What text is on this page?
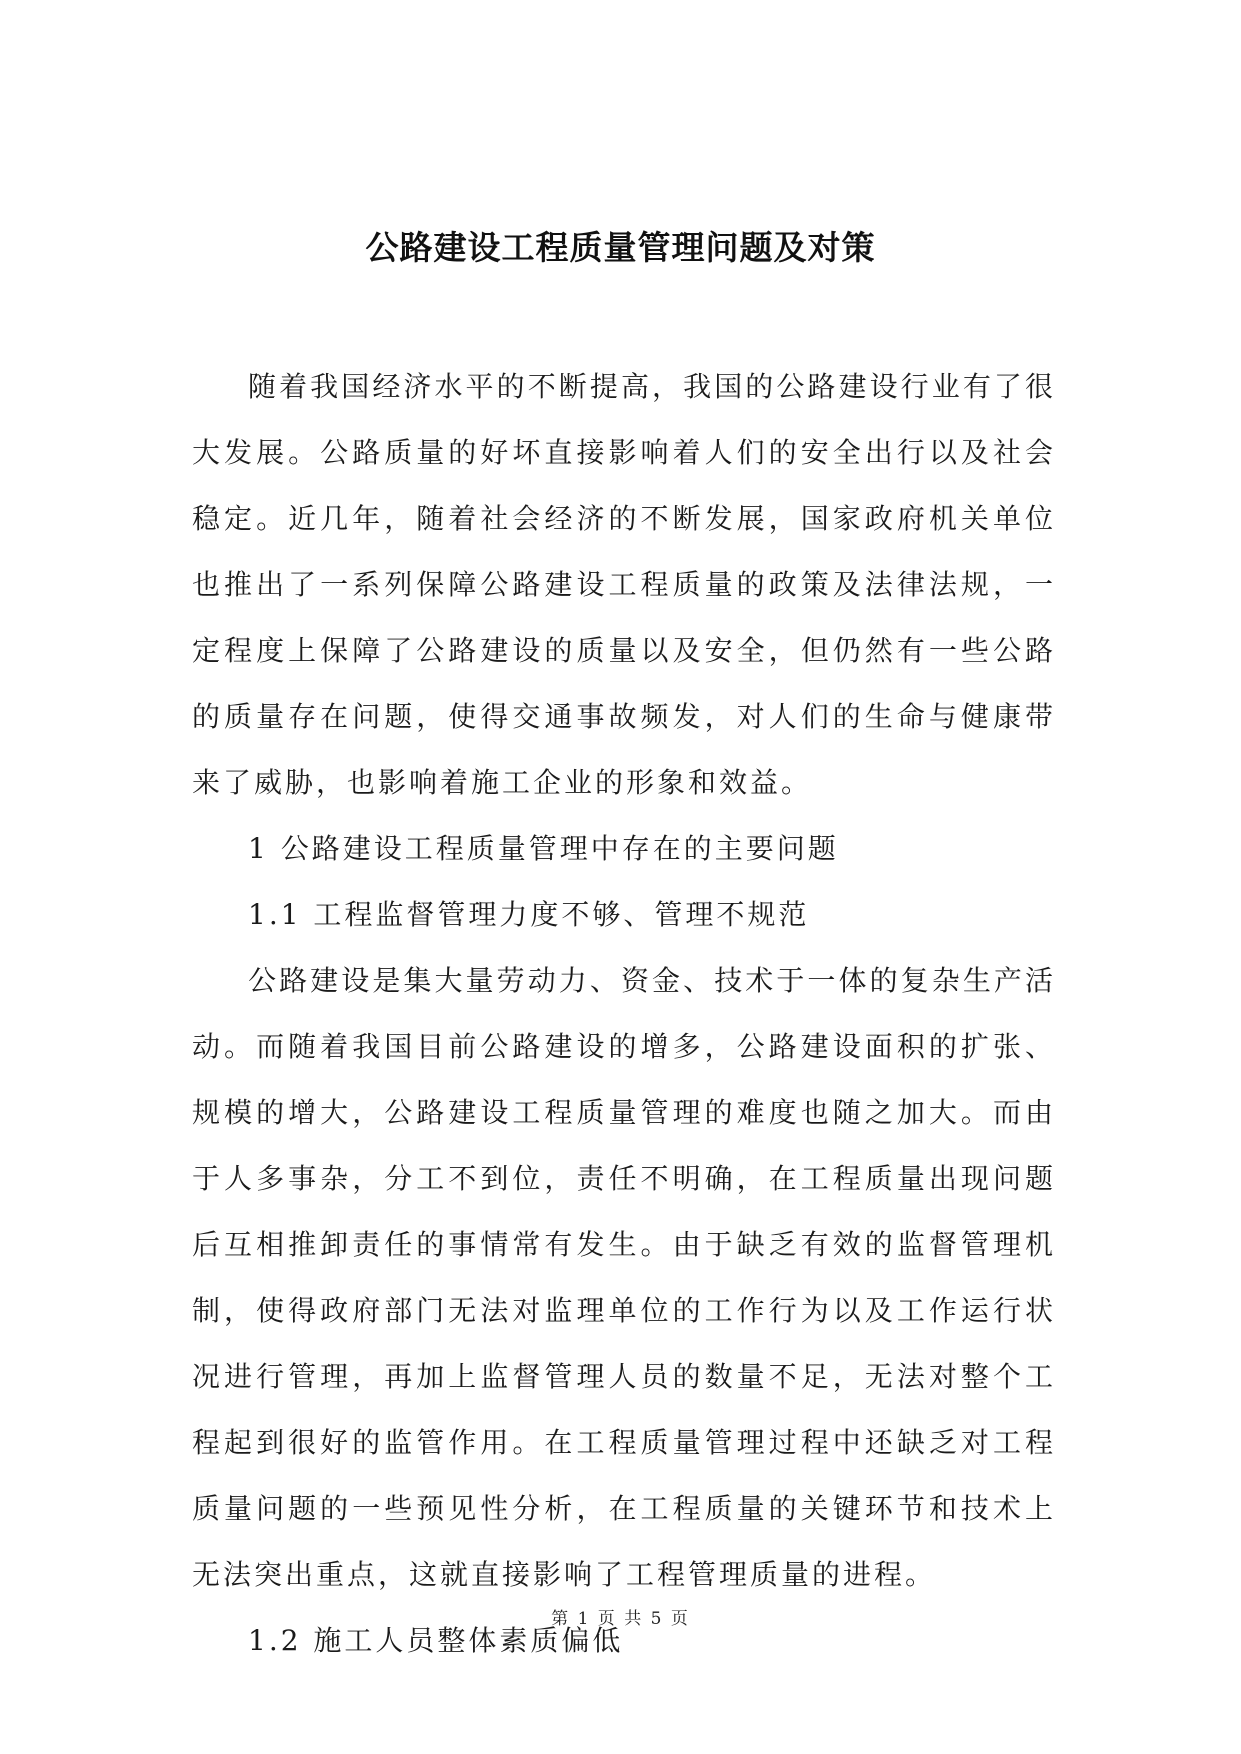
公路建设工程质量管理问题及对策

随着我国经济水平的不断提高，我国的公路建设行业有了很大发展。公路质量的好坏直接影响着人们的安全出行以及社会稳定。近几年，随着社会经济的不断发展，国家政府机关单位也推出了一系列保障公路建设工程质量的政策及法律法规，一定程度上保障了公路建设的质量以及安全，但仍然有一些公路的质量存在问题，使得交通事故频发，对人们的生命与健康带来了威胁，也影响着施工企业的形象和效益。

1 公路建设工程质量管理中存在的主要问题

1.1 工程监督管理力度不够、管理不规范

公路建设是集大量劳动力、资金、技术于一体的复杂生产活动。而随着我国目前公路建设的增多，公路建设面积的扩张、规模的增大，公路建设工程质量管理的难度也随之加大。而由于人多事杂，分工不到位，责任不明确，在工程质量出现问题后互相推卸责任的事情常有发生。由于缺乏有效的监督管理机制，使得政府部门无法对监理单位的工作行为以及工作运行状况进行管理，再加上监督管理人员的数量不足，无法对整个工程起到很好的监管作用。在工程质量管理过程中还缺乏对工程质量问题的一些预见性分析，在工程质量的关键环节和技术上无法突出重点，这就直接影响了工程管理质量的进程。

1.2 施工人员整体素质偏低

第 1 页 共 5 页
